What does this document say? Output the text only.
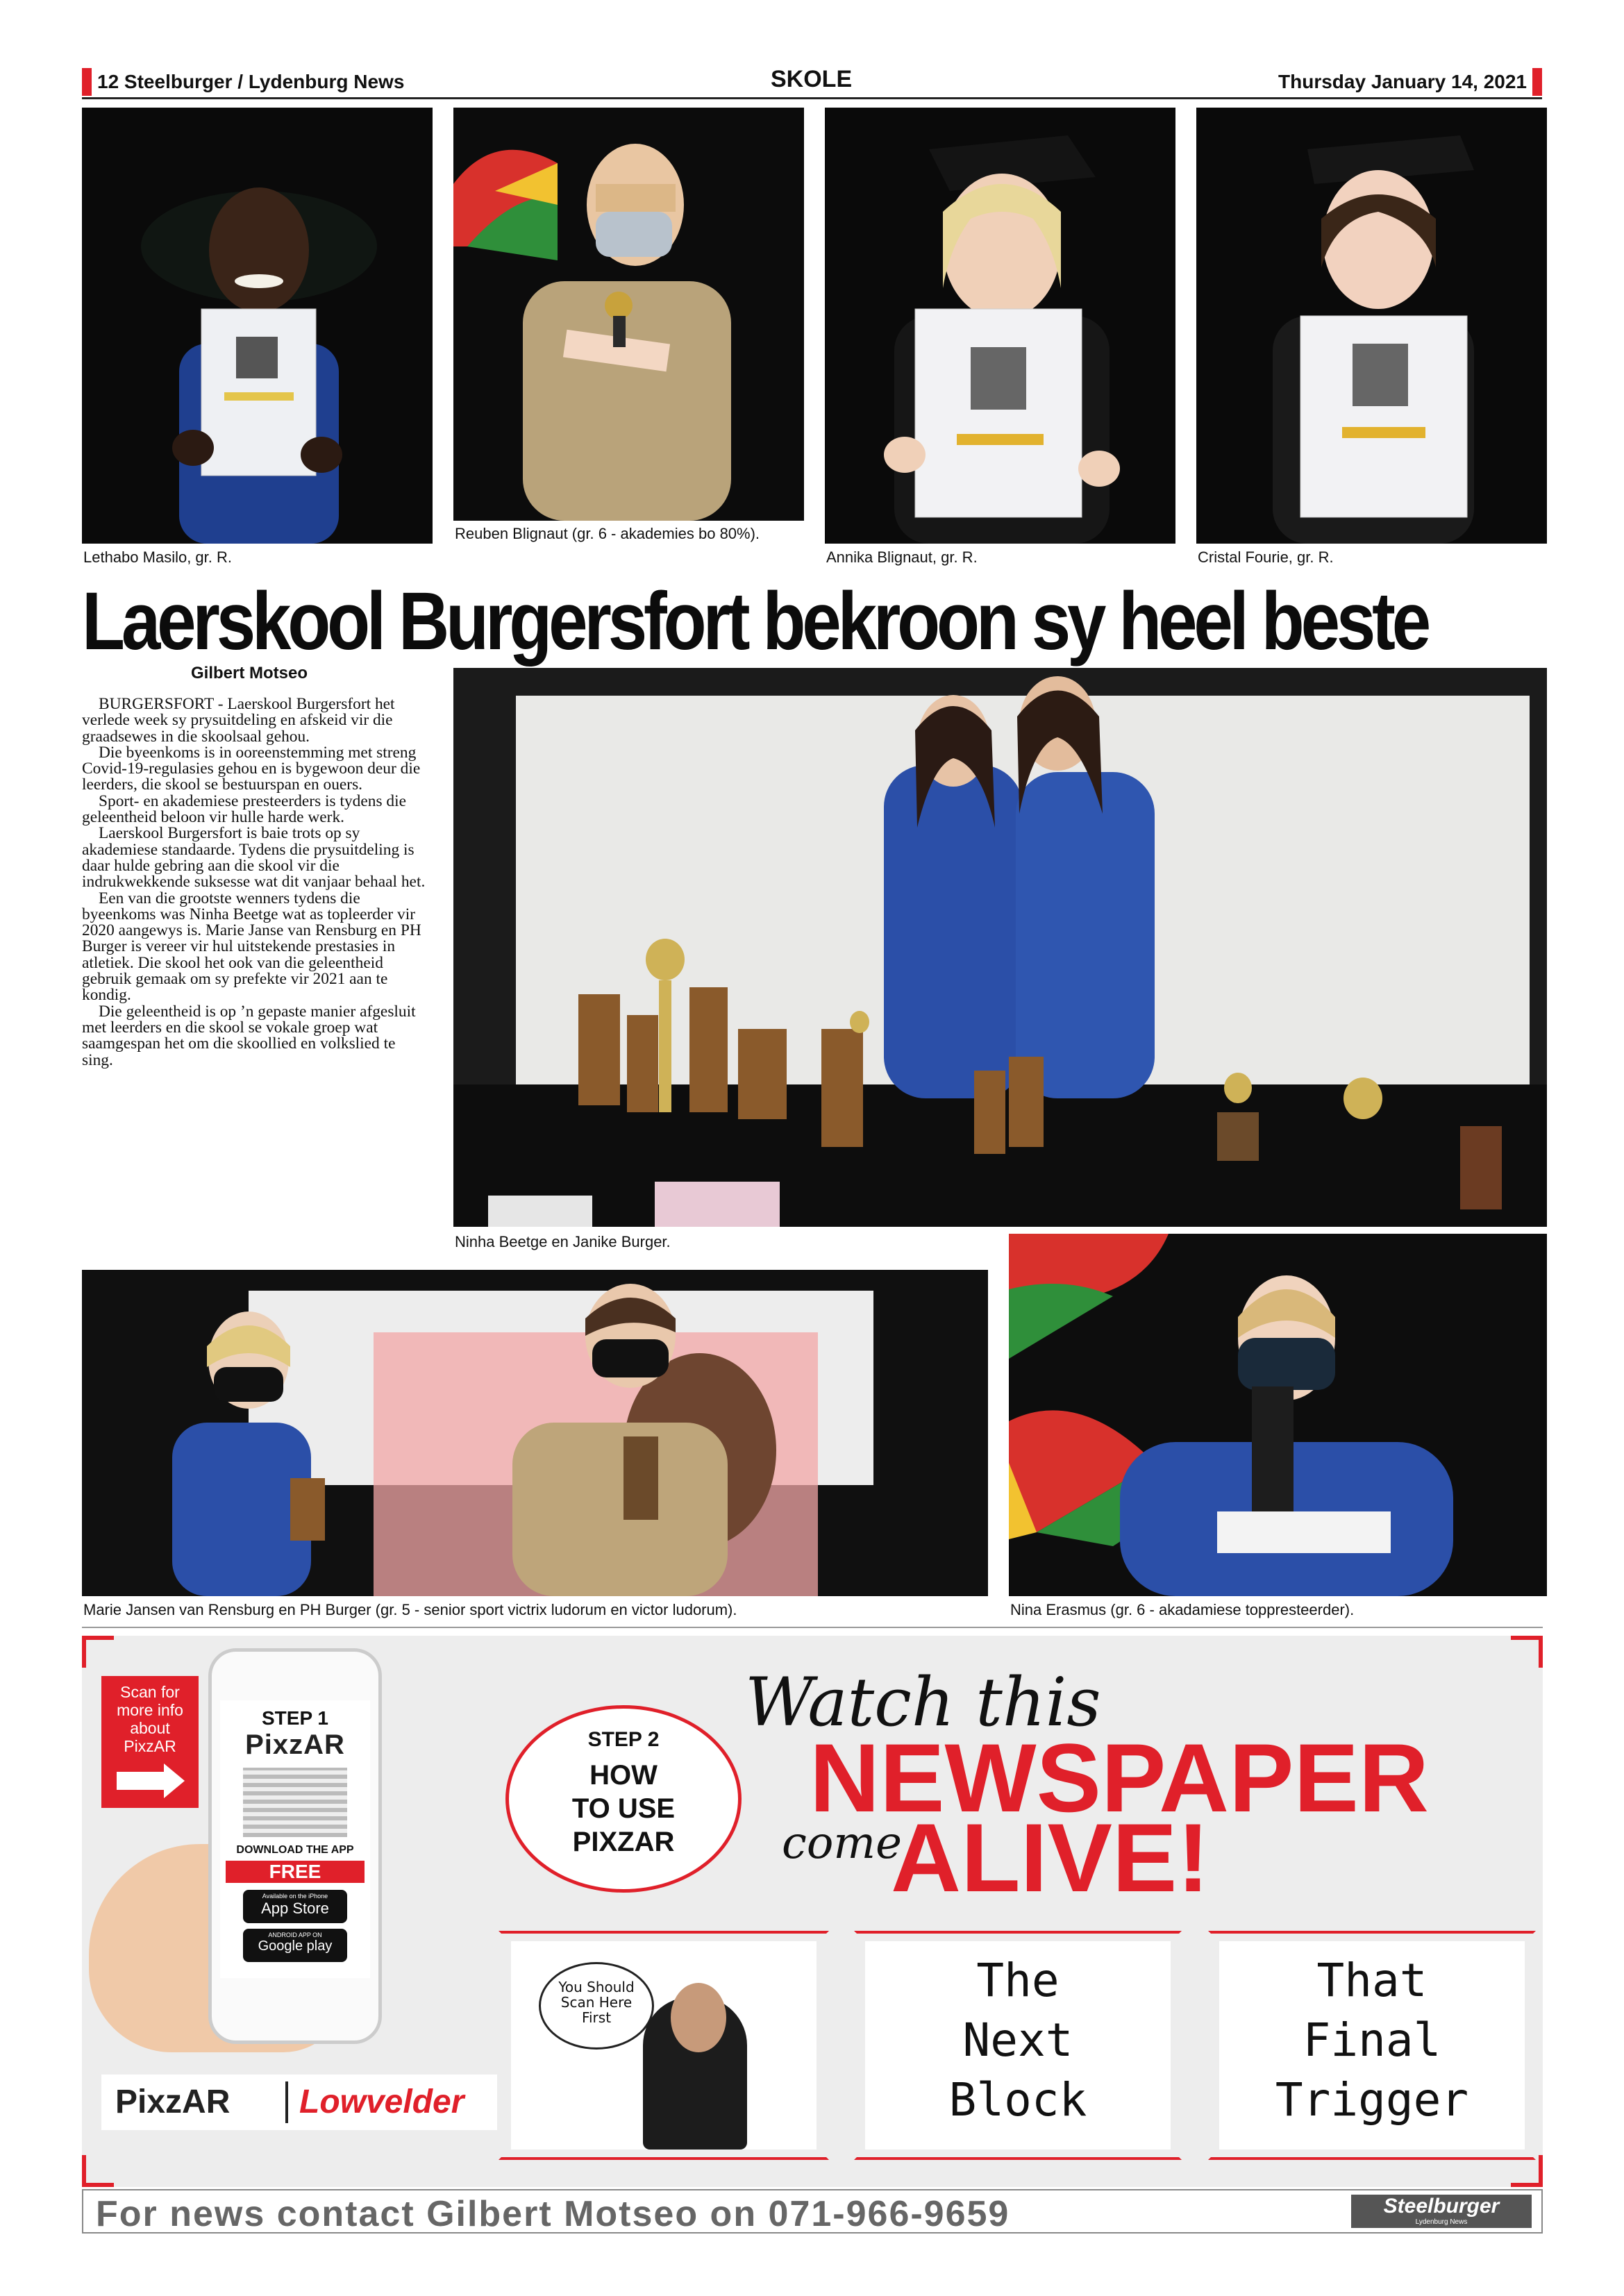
12 Steelburger / Lydenburg News	SKOLE	Thursday January 14, 2021
Lethabo Masilo, gr. R.
Reuben Blignaut (gr. 6 - akademies bo 80%).
Annika Blignaut, gr. R.	Cristal Fourie, gr. R.
Laerskool Burgersfort bekroon sy heel beste
Gilbert Motseo

BURGERSFORT - Laerskool Burgersfort het verlede week sy prysuitdeling en afskeid vir die graadsewes in die skoolsaal gehou.

Die byeenkoms is in ooreenstemming met streng Covid-19-regulasies gehou en is bygewoon deur die leerders, die skool se bestuurspan en ouers.

Sport- en akademiese presteerders is tydens die geleentheid beloon vir hulle harde werk.

Laerskool Burgersfort is baie trots op sy akademiese standaarde. Tydens die prysuitdeling is daar hulde gebring aan die skool vir die indrukwekkende suksesse wat dit vanjaar behaal het.

Een van die grootste wenners tydens die byeenkoms was Ninha Beetge wat as topleerder vir 2020 aangewys is. Marie Janse van Rensburg en PH Burger is vereer vir hul uitstekende prestasies in atletiek. Die skool het ook van die geleentheid gebruik gemaak om sy prefekte vir 2021 aan te kondig.

Die geleentheid is op ’n gepaste manier afgesluit met leerders en die skool se vokale groep wat saamgespan het om die skoollied en volkslied te sing.

Ninha Beetge en Janike Burger.
Marie Jansen van Rensburg en PH Burger (gr. 5 - senior sport victrix ludorum en victor ludorum).	Nina Erasmus (gr. 6 - akadamiese toppresteerder).
Scan for
more info
about
PixzAR
STEP 1
PixzAR
DOWNLOAD THE APP
FREE
Available on the iPhone
App Store
ANDROID APP ON
Google play
PixzAR Lowvelder
STEP 2
HOW
TO USE
PIXZAR
Watch this
NEWSPAPER
come
ALIVE!
You Should
Scan Here
First
The
Next
Block
That
Final
Trigger
For news contact Gilbert Motseo on 071-966-9659	Steelburger
Lydenburg News
